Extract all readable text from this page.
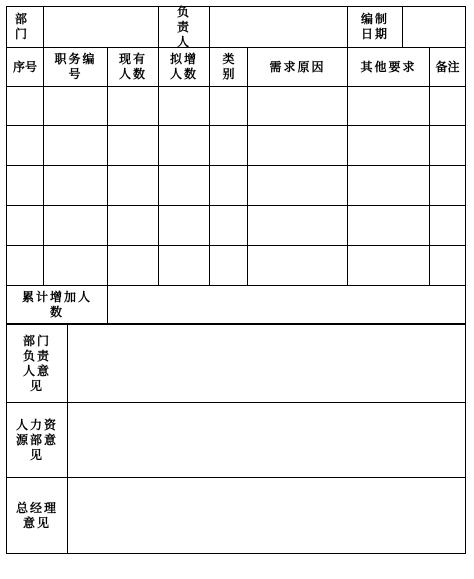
部门
负责人
编制日期
序号
职务编号
现有人数
拟增人数
类别
需求原因	其他要求	备注
累计增加人数
部门负责人意见
人力资源部意见
总经理意见
